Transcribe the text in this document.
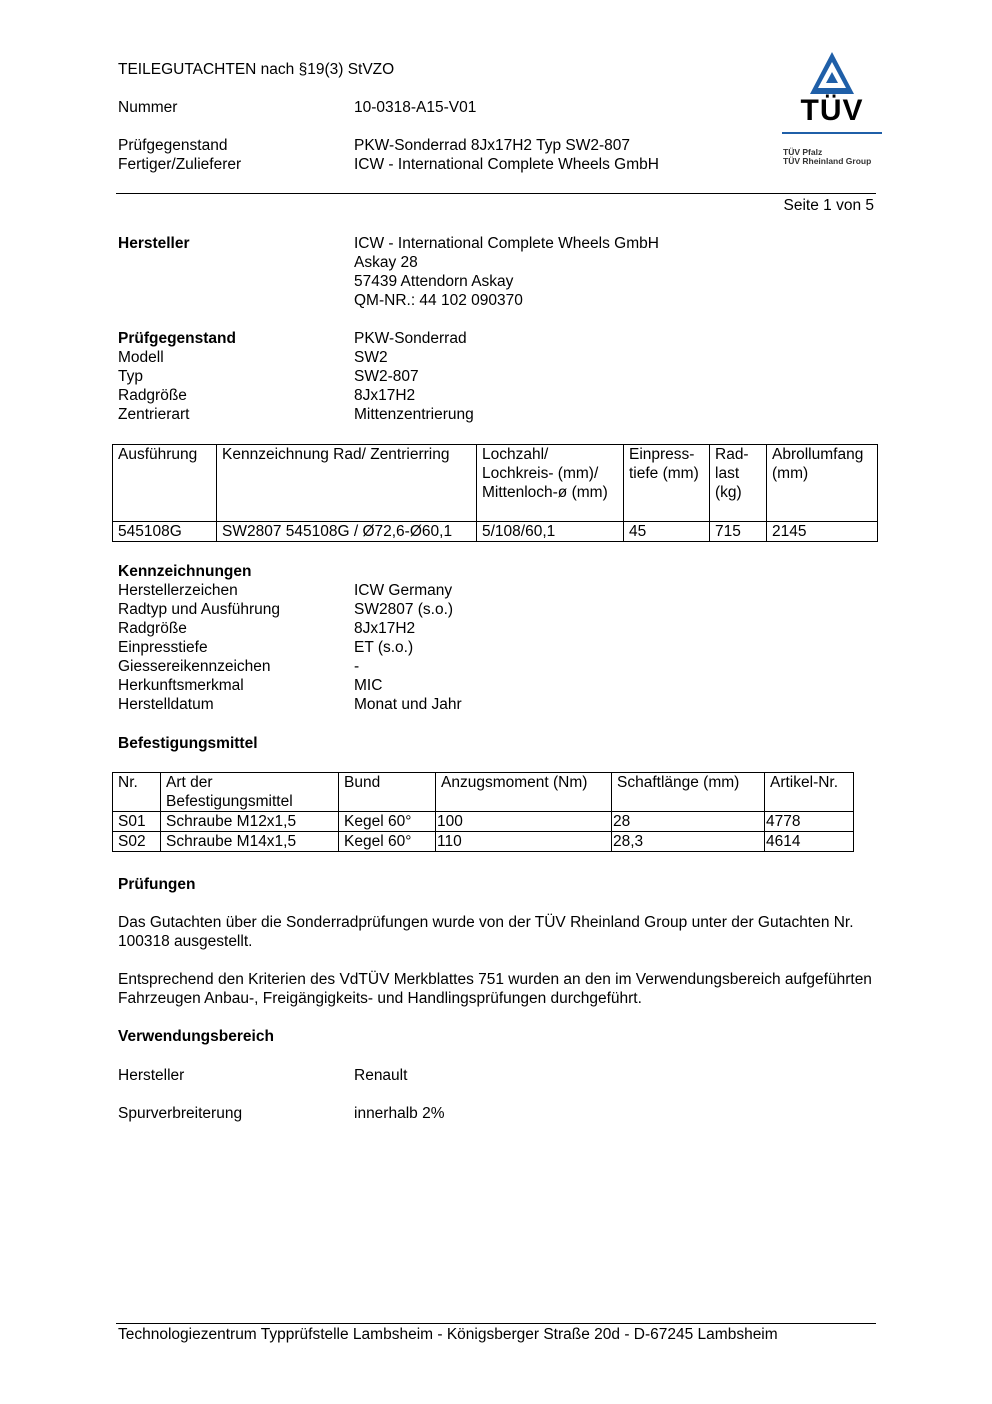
TEILEGUTACHTEN nach §19(3) StVZO
Nummer	10-0318-A15-V01
Prüfgegenstand	PKW-Sonderrad 8Jx17H2 Typ SW2-807
Fertiger/Zulieferer	ICW - International Complete Wheels GmbH
TÜV
TÜV Pfalz
TÜV Rheinland Group
Seite 1 von 5
Hersteller	ICW - International Complete Wheels GmbH
Askay 28
57439 Attendorn Askay
QM-NR.: 44 102 090370
Prüfgegenstand	PKW-Sonderrad
Modell	SW2
Typ	SW2-807
Radgröße	8Jx17H2
Zentrierart	Mittenzentrierung
Ausführung	Kennzeichnung Rad/ Zentrierring	Lochzahl/ Lochkreis- (mm)/ Mittenloch-ø (mm)	Einpress- tiefe (mm)	Rad- last (kg)	Abrollumfang (mm)
545108G	SW2807 545108G / Ø72,6-Ø60,1	5/108/60,1	45	715	2145
Kennzeichnungen
Herstellerzeichen	ICW Germany
Radtyp und Ausführung	SW2807 (s.o.)
Radgröße	8Jx17H2
Einpresstiefe	ET (s.o.)
Giessereikennzeichen	-
Herkunftsmerkmal	MIC
Herstelldatum	Monat und Jahr
Befestigungsmittel
Nr.	Art der Befestigungsmittel	Bund	Anzugsmoment (Nm)	Schaftlänge (mm)	Artikel-Nr.
S01	Schraube M12x1,5	Kegel 60°	100	28	4778
S02	Schraube M14x1,5	Kegel 60°	110	28,3	4614
Prüfungen
Das Gutachten über die Sonderradprüfungen wurde von der TÜV Rheinland Group unter der Gutachten Nr. 100318 ausgestellt.
Entsprechend den Kriterien des VdTÜV Merkblattes 751 wurden an den im Verwendungsbereich aufgeführten Fahrzeugen Anbau-, Freigängigkeits- und Handlingsprüfungen durchgeführt.
Verwendungsbereich
Hersteller	Renault
Spurverbreiterung	innerhalb 2%
Technologiezentrum Typprüfstelle Lambsheim - Königsberger Straße 20d - D-67245 Lambsheim
